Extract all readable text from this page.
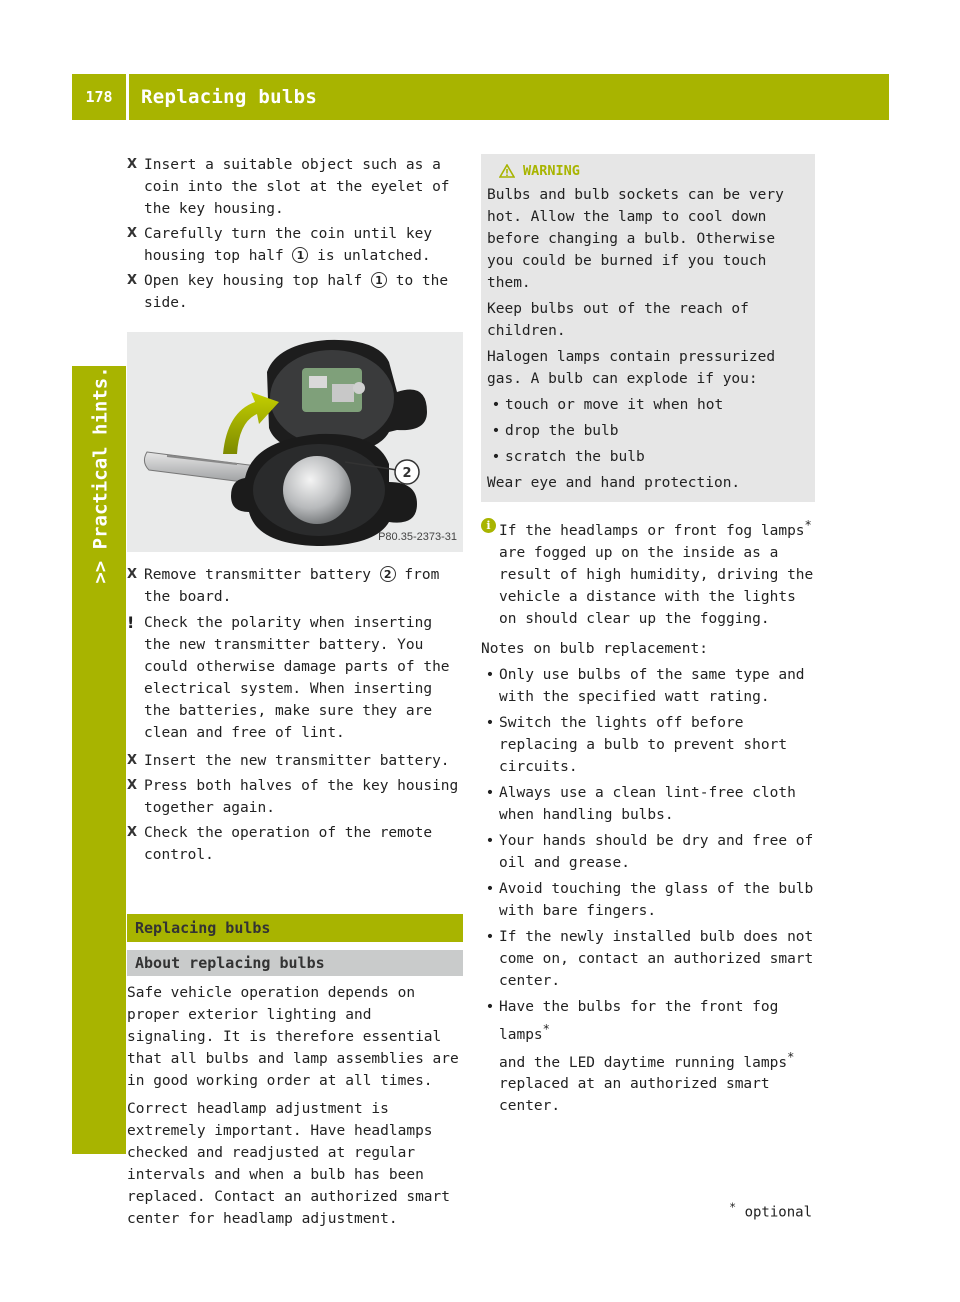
178	Replacing bulbs
>> Practical hints.
X Insert a suitable object such as a coin into the slot at the eyelet of the key housing.
X Carefully turn the coin until key housing top half 1 is unlatched.
X Open key housing top half 1 to the side.
2
P80.35-2373-31
X Remove transmitter battery 2 from the board.
! Check the polarity when inserting the new transmitter battery. You could otherwise damage parts of the electrical system. When inserting the batteries, make sure they are clean and free of lint.
X Insert the new transmitter battery.
X Press both halves of the key housing together again.
X Check the operation of the remote control.
Replacing bulbs
About replacing bulbs

Safe vehicle operation depends on proper exterior lighting and signaling. It is therefore essential that all bulbs and lamp assemblies are in good working order at all times.

Correct headlamp adjustment is extremely important. Have headlamps checked and readjusted at regular intervals and when a bulb has been replaced. Contact an authorized smart center for headlamp adjustment.

WARNING

Bulbs and bulb sockets can be very hot. Allow the lamp to cool down before changing a bulb. Otherwise you could be burned if you touch them.

Keep bulbs out of the reach of children.

Halogen lamps contain pressurized gas. A bulb can explode if you:

• touch or move it when hot
• drop the bulb
• scratch the bulb

Wear eye and hand protection.

i If the headlamps or front fog lamps* are fogged up on the inside as a result of high humidity, driving the vehicle a distance with the lights on should clear up the fogging.
Notes on bulb replacement:
• Only use bulbs of the same type and with the specified watt rating.
• Switch the lights off before replacing a bulb to prevent short circuits.
• Always use a clean lint-free cloth when handling bulbs.
• Your hands should be dry and free of oil and grease.
• Avoid touching the glass of the bulb with bare fingers.
• If the newly installed bulb does not come on, contact an authorized smart center.
• Have the bulbs for the front fog lamps*
and the LED daytime running lamps*
replaced at an authorized smart center.
* optional
